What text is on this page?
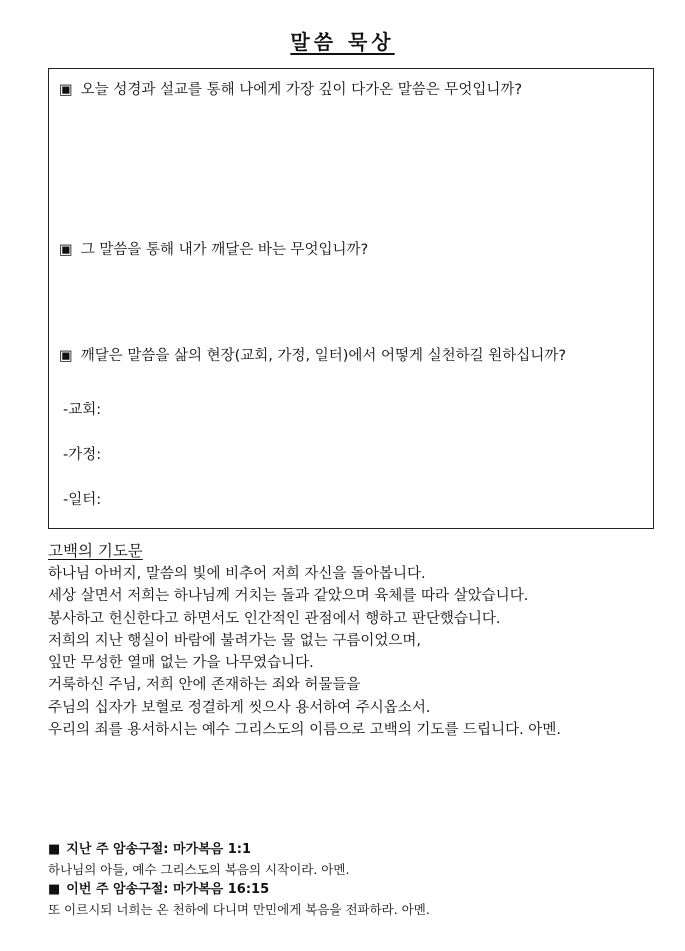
말씀 묵상
▣ 오늘 성경과 설교를 통해 나에게 가장 깊이 다가온 말씀은 무엇입니까?
▣ 그 말씀을 통해 내가 깨달은 바는 무엇입니까?
▣ 깨달은 말씀을 삶의 현장(교회, 가정, 일터)에서 어떻게 실천하길 원하십니까?
-교회:
-가정:
-일터:
고백의 기도문
하나님 아버지, 말씀의 빛에 비추어 저희 자신을 돌아봅니다.
세상 살면서 저희는 하나님께 거치는 돌과 같았으며 육체를 따라 살았습니다.
봉사하고 헌신한다고 하면서도 인간적인 관점에서 행하고 판단했습니다.
저희의 지난 행실이 바람에 불려가는 물 없는 구름이었으며,
잎만 무성한 열매 없는 가을 나무였습니다.
거룩하신 주님, 저희 안에 존재하는 죄와 허물들을
주님의 십자가 보혈로 정결하게 씻으사 용서하여 주시옵소서.
우리의 죄를 용서하시는 예수 그리스도의 이름으로 고백의 기도를 드립니다. 아멘.
■ 지난 주 암송구절: 마가복음 1:1
하나님의 아들, 예수 그리스도의 복음의 시작이라. 아멘.
■ 이번 주 암송구절: 마가복음 16:15
또 이르시되 너희는 온 천하에 다니며 만민에게 복음을 전파하라. 아멘.
